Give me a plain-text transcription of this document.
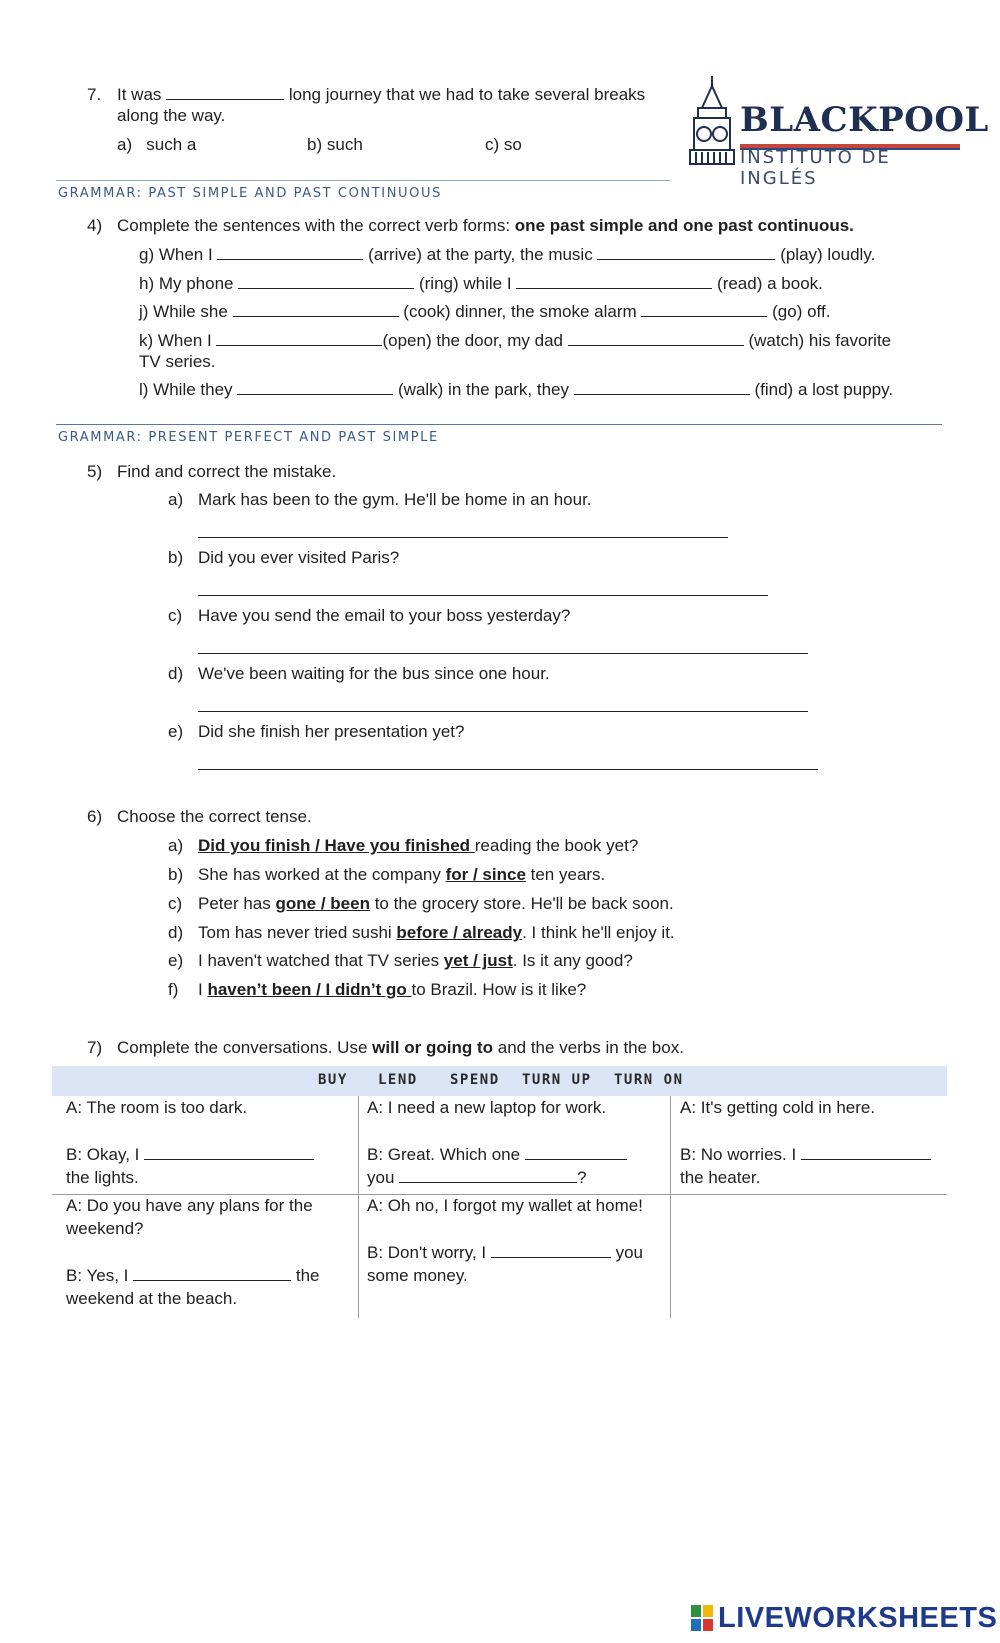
BLACKPOOL
INSTITUTO DE INGLÉS
7. It was	long journey that we had to take several breaks
along the way.
a) such a	b) such	c) so
GRAMMAR: PAST SIMPLE AND PAST CONTINUOUS
4) Complete the sentences with the correct verb forms: one past simple and one past continuous.
g) When I	(arrive) at the party, the music	(play) loudly.
h) My phone	(ring) while I	(read) a book.
j) While she	(cook) dinner, the smoke alarm	(go) off.
k) When I	(open) the door, my dad	(watch) his favorite
TV series.
l) While they	(walk) in the park, they	(find) a lost puppy.
GRAMMAR: PRESENT PERFECT AND PAST SIMPLE
5) Find and correct the mistake.
a) Mark has been to the gym. He'll be home in an hour.
b) Did you ever visited Paris?
c) Have you send the email to your boss yesterday?
d) We've been waiting for the bus since one hour.
e) Did she finish her presentation yet?
6) Choose the correct tense.
a) Did you finish / Have you finished reading the book yet?
b) She has worked at the company for / since ten years.
c) Peter has gone / been to the grocery store. He'll be back soon.
d) Tom has never tried sushi before / already. I think he'll enjoy it.
e) I haven't watched that TV series yet / just. Is it any good?
f) I haven’t been / I didn’t go to Brazil. How is it like?
7) Complete the conversations. Use will or going to and the verbs in the box.
BUY LEND SPEND TURN UP TURN ON
A: The room is too dark.
B: Okay, I
the lights.
A: I need a new laptop for work.
B: Great. Which one
you	?
A: It's getting cold in here.
B: No worries. I
the heater.
A: Do you have any plans for the
weekend?
B: Yes, I	the
weekend at the beach.
A: Oh no, I forgot my wallet at home!
B: Don't worry, I	you
some money.
LIVEWORKSHEETS
